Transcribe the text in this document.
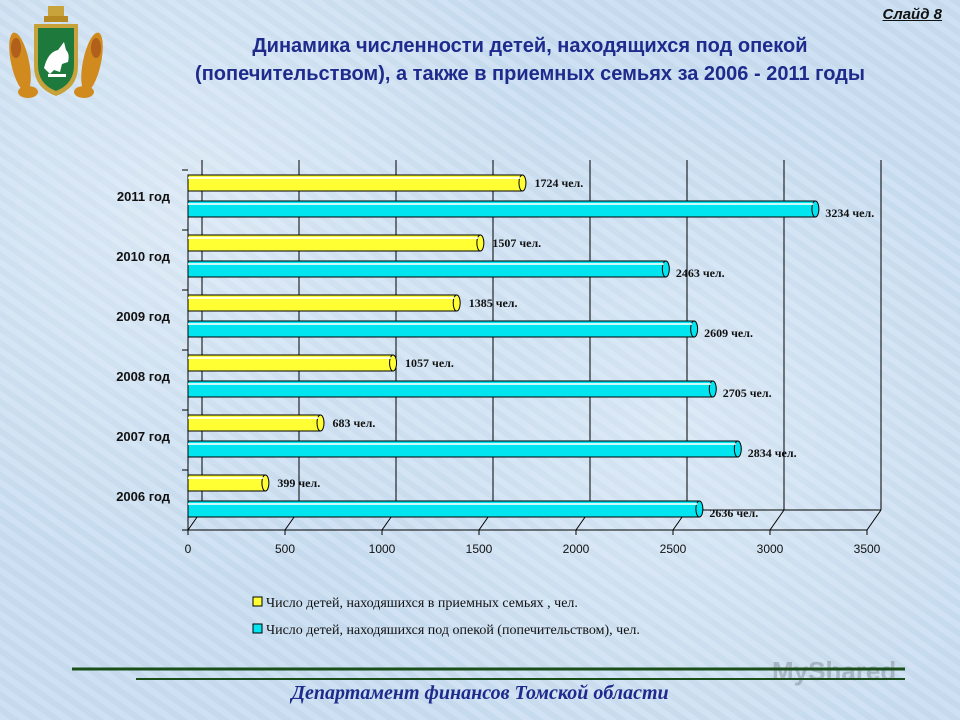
Слайд 8
Динамика численности детей, находящихся под опекой
(попечительством), а также в приемных семьях за 2006 - 2011 годы
0	500	1000	1500	2000	2500	3000	3500
399 чел.
2636 чел.
2006 год
683 чел.
2834 чел.
2007 год
1057 чел.
2705 чел.
2008 год
1385 чел.
2609 чел.
2009 год
1507 чел.
2463 чел.
2010 год
1724 чел.
3234 чел.
2011 год
Число детей, находяшихся в приемных семьях , чел.
Число детей, находяшихся под опекой (попечительством), чел.
MyShared
Департамент финансов Томской области
